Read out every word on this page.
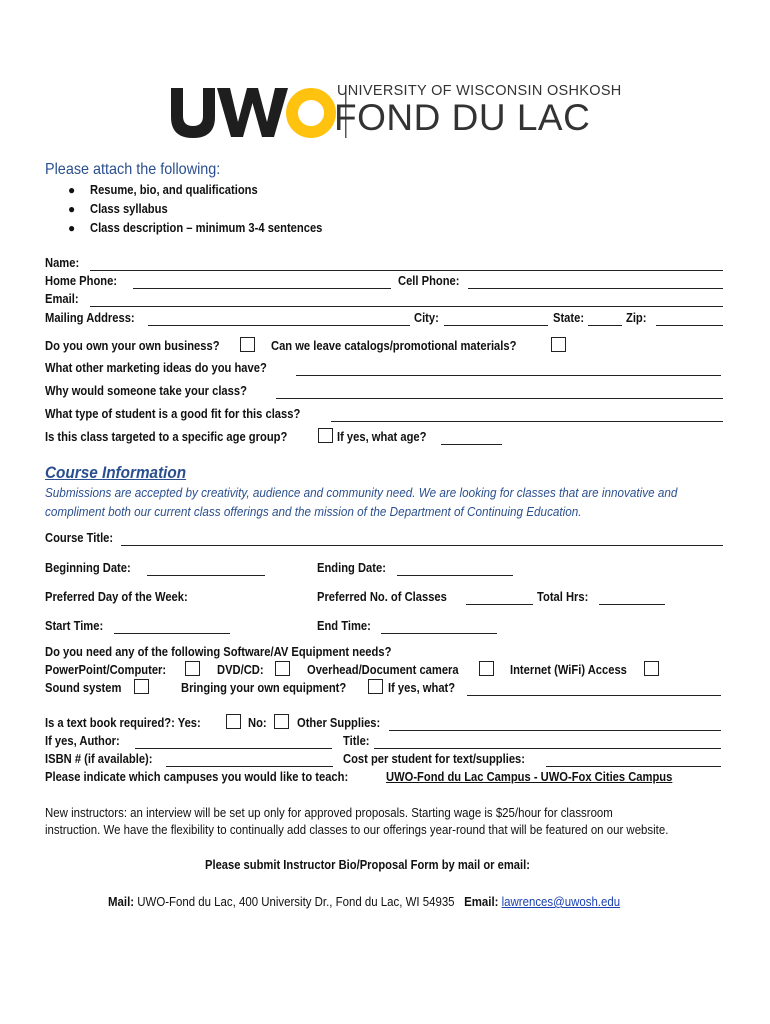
UNIVERSITY OF WISCONSIN OSHKOSH
FOND DU LAC
Please attach the following:
● Resume, bio, and qualifications
● Class syllabus
● Class description – minimum 3-4 sentences
Name:
Home Phone:	Cell Phone:
Email:
Mailing Address:	City:	State:	Zip:
Do you own your own business?	Can we leave catalogs/promotional materials?
What other marketing ideas do you have?
Why would someone take your class?
What type of student is a good fit for this class?
Is this class targeted to a specific age group?	If yes, what age?
Course Information
Submissions are accepted by creativity, audience and community need. We are looking for classes that are innovative and
compliment both our current class offerings and the mission of the Department of Continuing Education.
Course Title:
Beginning Date:	Ending Date:
Preferred Day of the Week:	Preferred No. of Classes	Total Hrs:
Start Time:	End Time:
Do you need any of the following Software/AV Equipment needs?
PowerPoint/Computer:	DVD/CD:	Overhead/Document camera	Internet (WiFi) Access
Sound system	Bringing your own equipment?	If yes, what?
Is a text book required?: Yes:	No: Other Supplies:
If yes, Author:	Title:
ISBN # (if available):	Cost per student for text/supplies:
Please indicate which campuses you would like to teach:	UWO-Fond du Lac Campus - UWO-Fox Cities Campus
New instructors: an interview will be set up only for approved proposals. Starting wage is $25/hour for classroom
instruction. We have the flexibility to continually add classes to our offerings year-round that will be featured on our website.
Please submit Instructor Bio/Proposal Form by mail or email:
Mail: UWO-Fond du Lac, 400 University Dr., Fond du Lac, WI 54935 Email: lawrences@uwosh.edu
